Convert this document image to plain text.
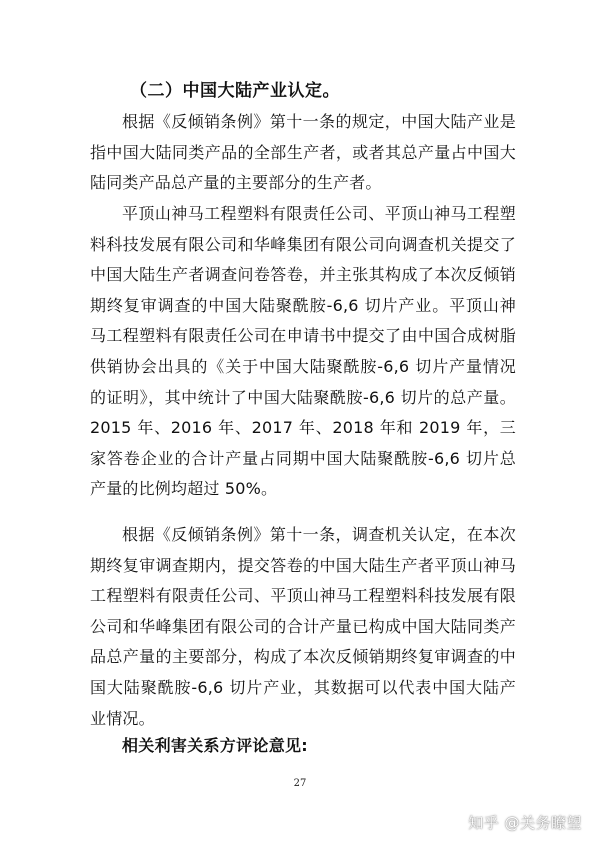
（二）中国大陆产业认定。

根据《反倾销条例》第十一条的规定，中国大陆产业是指中国大陆同类产品的全部生产者，或者其总产量占中国大陆同类产品总产量的主要部分的生产者。

平顶山神马工程塑料有限责任公司、平顶山神马工程塑料科技发展有限公司和华峰集团有限公司向调查机关提交了中国大陆生产者调查问卷答卷，并主张其构成了本次反倾销期终复审调查的中国大陆聚酰胺-6,6 切片产业。平顶山神马工程塑料有限责任公司在申请书中提交了由中国合成树脂供销协会出具的《关于中国大陆聚酰胺-6,6 切片产量情况的证明》，其中统计了中国大陆聚酰胺-6,6 切片的总产量。2015 年、2016 年、2017 年、2018 年和 2019 年，三家答卷企业的合计产量占同期中国大陆聚酰胺-6,6 切片总产量的比例均超过 50%。

根据《反倾销条例》第十一条，调查机关认定，在本次期终复审调查期内，提交答卷的中国大陆生产者平顶山神马工程塑料有限责任公司、平顶山神马工程塑料科技发展有限公司和华峰集团有限公司的合计产量已构成中国大陆同类产品总产量的主要部分，构成了本次反倾销期终复审调查的中国大陆聚酰胺-6,6 切片产业，其数据可以代表中国大陆产业情况。

相关利害关系方评论意见:

27
知乎 @关务瞭望
